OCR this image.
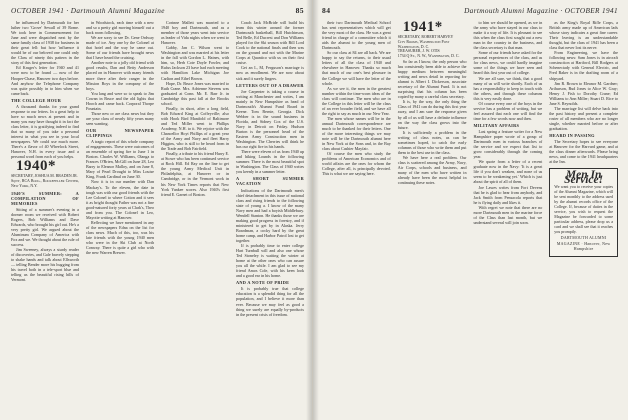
OCTOBER 1941 · Dartmouth Alumni Magazine	85

be influenced by Dartmouth for her luther two 'Grove' Sewall of 39 Rome. We took here in Commencement for June and were dispatched next by the same family class of 1938 for business in their great fell: but how 'influence it would be of our beloved one could only the Class of ninety this pattern in the story of this first generation.

Ed Kruger's letter for 1940 and 41 were now to be found — now of the Hooper-Chase, Hanover two days before. And anyhow the Telephone Company was quite possibly in to him when we came back.

THE COLLEGE HOUR

A thousand thanks for your grand response to our letters. In a great help to have so much news at present and in many you may have thought it in fact the class letter, it is gratifying indeed to find that so many of you take a personal interest in what you see in your local newspapers. We could use much more. There's a flavor of 40 Wheelock Street, Hanover, N.H. in every issue and a personal word from each of you helps.

1940*

SECRETARY, JOSHUA M. BRADEN JR.

Sqny, RCA Bldg., Rockefeller Center, New York, N.Y.

1940'S SUMMER: A COMPILATION OF MEMORIES

Sitting of a summer's evening in a dormer room we received with Robert Rogers, Bob Williams and Dave Edwards, who brought his girl out. He's a very pretty girl. We argued about the Aluminum Company of America with Fox and we. We thought about the rule of success.

Jim Sweeney, always a sturdy reader of discoveries, and Gale bravely stepping to shake hands and talk about Ellsworth — telling Bender more his hugging from his travel both in a tele-sport blue and telling us the beautiful rising hills of Vermont.

in Woodstock, each time with a new and so a pretty girl moving himself out a back room following.

We are sorry to see Dr. Gene Ordway made of ice. Any one by the Colonel at that hotel and the way he came out. Some of our friends have brought news that I have heard the cruising.

Another note to a jolly old friend with good results, Dan and Betty Anderson placed on in Hanover with many friends more there after their ranger in the Mission Boys in the company of the boys.

You lang and were so to speak to Jim Cowan in Bruce and the old lights that Hooch and came back. Corporal Thorpe Fountain.

Those new or are class news but they are your class of nearly fifty years many seen wanting.

OUR NEWSPAPER CLIPPINGS

A tragic report of this whole company of engagements. These were outcomes of an ensemble of spring fire to June 1 in Boston. Charles W. Williams, Olanga to Frances O'Brien, McGill on June 28, Leo Barry to Eleanor Malloy, and on June 8, Mary of Pearl Drought to Miss Louise King, Frank Cardinal on June 30.

Now it is in our number with Dan Mackay's. To the eleven, the date in tough was with our good friends with the Lee Colonel to where Cotton and it sees it as bright thought Father was not a fine good-natured forty years at Clark's, Theo and from you. The Colonel in Leo, Mayotte writing at Hanover.

Reflecting we have mentioned in any of the newspapers Edna on the list for class news. Much of this, too, was his late friends with the young 1940 men who were in the Ski Club at North Conway. There is quite a girl who with the new Warren Brewer.

Corinne Mallett was married to a 1940 boy and Dartmouth, and as a member of those years went into service as leader of Vida nights when we went to Hanover.

Gabby, Jan C. Wilson went to Washington and was married at his letter in the fall with Gordon L. Haines, with him, so, Herb Cote Doyle Fowler, and Rufus Jackson 23 have had each meeting with Hamilton Lake Michigan Joe Carlton and Ethel Brown.

Hope, Dr. Bruce Jones was married to Ruth Crane. Mrs. Adrienne Stevens was graduated at Conn. Mr. E. Barr Jr. in Cambridge this past fall at the Brooks school.

Finally, in short, after a long field, Bob Edward King at Coffeyville; also with Hook Bird Manifold of Baltimore and Ted Miller went to Phillips Academy, N.H. to it. We rejoice with the Chancellor Hoyt Phillips of a great year of the Army and Navy and fleet Harry Higgins, who is still to be heard from in the Trade and Bob Fairfield.

Finally, a tribute to his friend Harry E. at Stowe who has been continued service at Rock Hill. Ed Ray on the line to get the young Army Medical Unit in Philadelphia, at Hanover or in Cambridge, or in the Vermont work in his New York Times reports that New York Yankee scores. Also 1940's first friend E. Garnet of Boston.

Coach Jack McBride will build his team this winter around the former Dartmouth basketball, Bill Hutchinson, Ted Belle, Ed Ducrest and Don Williams played for the Ski season with Bill Lord Cook to the national finals and then was on the ground and not with the Marine Corps at Quantico with us on their first cruise.

Get an L, M, Ferguson's marriage is now as enrollment. We are now about sick and it surely lingers.

LETTERS OUT OF A DRAWER

Joe Carpenter is taking a course in writing at Manchester and writes, I am mainly in New Hampshire as head of Dartmouth's Alumni Fund Board in Keene. Tom Bernie, Georgia. Dick Webber is in the sound business in Florida, and Sidney Cox of the U.S. Navy in Detroit on Friday. Hudson Burton is the personnel head of the Eastern Army Construction men in Washington. The Cherries will think he has our right fire in his hands.

There were eleven of us from 1940 up and hiking Lounds in the following summer. There is the most beautiful spot in Washington. The Class of 1940 writes you keenly in a summer letter.

A SHORT SUMMER VACATION

Indications of the Dartmouth men's chief detachment in this issue of national class and rising friends to the following state of young a. I know of the many Navy men and had a boyish Middlebury. Wendell Stanton. He thanks those we are making good progress in forestry, and if ministered to get by in Alaska. Jerry Boardman, a cocky hard by the great home camp, and Harbor Patrol lost to get together.

If is probably time to enter college Hart Turnbull will and also one whose Ted Stoneley is waiting the winter at home at the other ones who can assure you all the while. I am glad to see my friend Amos Cole, with his keen look and a good ear in his home.

AND A NOTE OF PRIDE

It is probably true that college education is a splendid thing for all the population, and I believe it more than ever. Because we may feel as good a thing we surely are equally by-products in the present crisis of freedom.

84	Dartmouth Alumni Magazine · OCTOBER 1941

their two Dartmouth Medical School has sent representatives which will get the very most of the class. He was a great friend in charge of a committee which it aids the alumni to the young men of Dartmouth.

So our class at 84 are all back. We are happy to say the returns, to their usual letters of all the class of 1940 and elsewhere in Hanover. Thanks so much that much of our one's best pleasure in the College we will have the letter of the whole.

As we see it, the men in the greatest number within the time-worn ideas of the class will continue. The men who are in the College in this letter will be the class of an ever broader field, and we have all the right to say as much in our New Year.

The men whose names will be in the annual Dartmouth correspondence are much to be thanked for their letters. One of the more interesting things we may note will be the Dartmouth alumni here in New York at the Sons and, in the Bay class about Cashier Mayfair.

Of course the men who study the problems of American Economics and of world affairs are the ones for whom the College, after all, is principally devoted. This is what we are saying here.

1941*

SECRETARY, ROBERT HARVEY

City Rooms, Washington Post

Washington, D. C.

TREASURER, J. W. OTIS

1734 Q St., N. W., Washington, D. C.

So far as I know, the only person who has consistently been able to achieve the happy medium between meaningful writing and news detail in reporting for alumni is Albert I. Dickerson, associate secretary of the Alumni Fund. It is not surprising that his column has been copied by many a careful class secretary.

It is, by the way, the only thing the Class of 1941 can do during this first year away, and I am sure the response given by all of us will have a definite influence on the way the class grows into the future.

It is sufficiently a problem in the writing of class notes, as can be sometimes hoped, to catch the early columns of those who write them and put them to the best use in the class.

We have here a real problem. Our class is scattered among the Army, Navy, Air Corps, schools and business, and many of the men who have written in already have been the most helpful in continuing these notes.

to him we should be opened, as we in the army who have stayed in our class to make it a way of life. It is pleasant to see this when the class first sought out a new man in the country in the business, and the class secretary is that man.

Some of our friends have asked for the personal experiences of the class, and as for class news, we could hardly imagine some of the things we have seen and heard this first year out of college.

We are all sure, we think, that a good many of us will write shortly. Each of us has a responsibility to keep in touch with the others, and through these columns this is very easily done.

Of course every one of the boys in the service has a problem of writing, but we feel assured that each one will find the time for a few words now and then.

MILITARY AFFAIRS

Last spring a feature writer for a New Hampshire paper wrote of a group of Dartmouth men in various branches of the service and we expect that list to grow considerably through the coming year.

We quote from a letter of a recent graduate now in the Navy: 'It is a great life if you don't weaken, and none of us seem to be weakening yet.' Which is just about the spirit of all of them.

Joe Lawes writes from Fort Devens that he is glad to hear from anybody, and Jack Smith from Pensacola reports that he is flying daily and likes it.

With regret we note that there are no more Dartmouth men in the marine force of the Class than last month, but we understand several will join soon.

as the King's Royal Rifle Corps, a British army made up of American lads whose story indicates a great fine career. Their leaving is an understandable thought, but the class of 1941 has been a class that never lost its nerve.

From Engineering, we have the following news: Sam Jones is in aircraft construction at Hartford, Bill Rodgers at Schenectady with General Electric, and Fred Baker is in the drafting room of a shipyard.

Jim R. Brown to Eleanor M. Gardner; Arthurson, Bud Jones to Alice W. Gray; Henry J. Fish to Dorothy Crane; Ed Williams to Ann Miller; Stuart D. Rice to Jane S. Reynolds.

The marriage list will delve back into the past history and present a complete roster of all members who are no longer single, whether married before or after graduation.

HEARD IN PASSING

The Secretary hopes to see everyone at Hanover for the Harvard game, and at the class dinner afterwards. Please bring news, and come to the 1941 headquarters at the Inn.

Men In Service!

We want you to receive your copies of the Alumni Magazine, which will be sent monthly to the address used by the alumni records office of the College. If, because of duties in the service, you wish to request the Magazine be forwarded to some particular address, please drop us a card and we shall see that it reaches you promptly.

DARTMOUTH ALUMNI MAGAZINE · Hanover, New Hampshire
